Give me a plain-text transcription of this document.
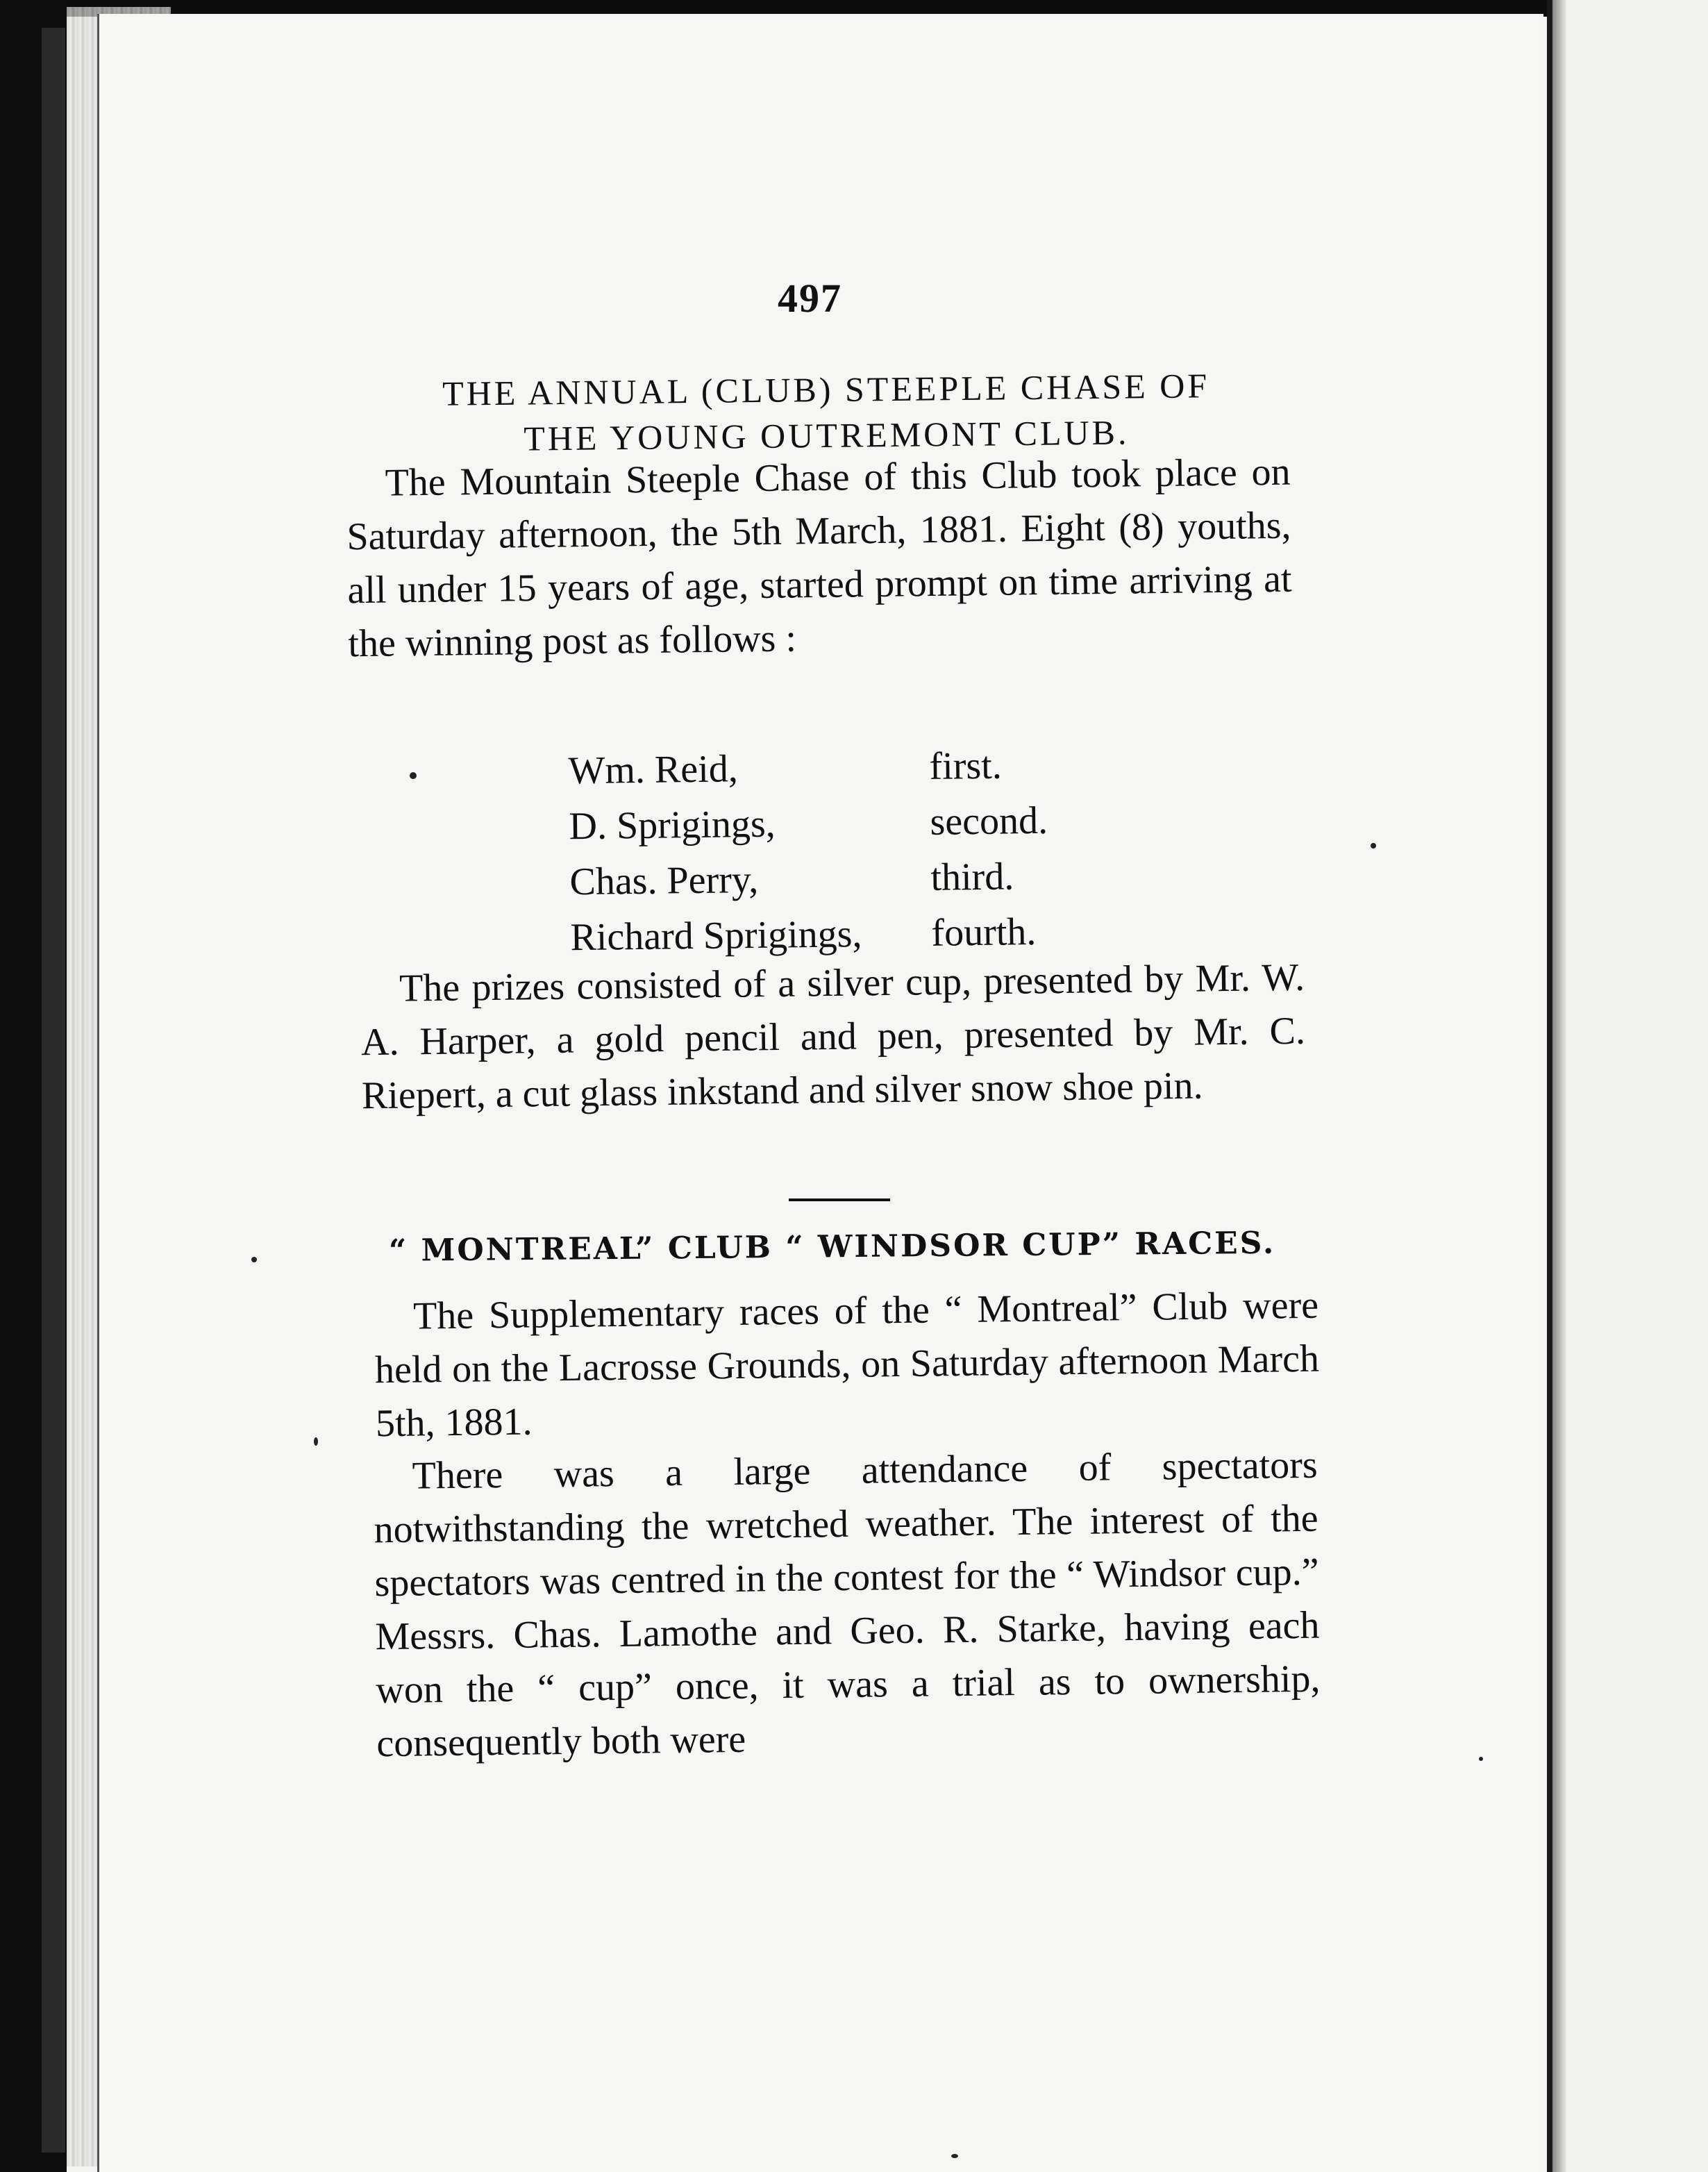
497
THE ANNUAL (CLUB) STEEPLE CHASE OF
THE YOUNG OUTREMONT CLUB.
The Mountain Steeple Chase of this Club took place on Saturday afternoon, the 5th March, 1881. Eight (8) youths, all under 15 years of age, started prompt on time arriving at the winning post as follows :
Wm. Reid,	first.
D. Sprigings,	second.
Chas. Perry,	third.
Richard Sprigings,	fourth.
The prizes consisted of a silver cup, presented by Mr. W. A. Harper, a gold pencil and pen, presented by Mr. C. Riepert, a cut glass inkstand and silver snow shoe pin.
“ MONTREAL” CLUB “ WINDSOR CUP” RACES.
The Supplementary races of the “ Montreal” Club were held on the Lacrosse Grounds, on Saturday afternoon March 5th, 1881.
There was a large attendance of spectators notwithstanding the wretched weather. The interest of the spectators was centred in the contest for the “ Windsor cup.” Messrs. Chas. Lamothe and Geo. R. Starke, having each won the “ cup” once, it was a trial as to ownership, consequently both were
